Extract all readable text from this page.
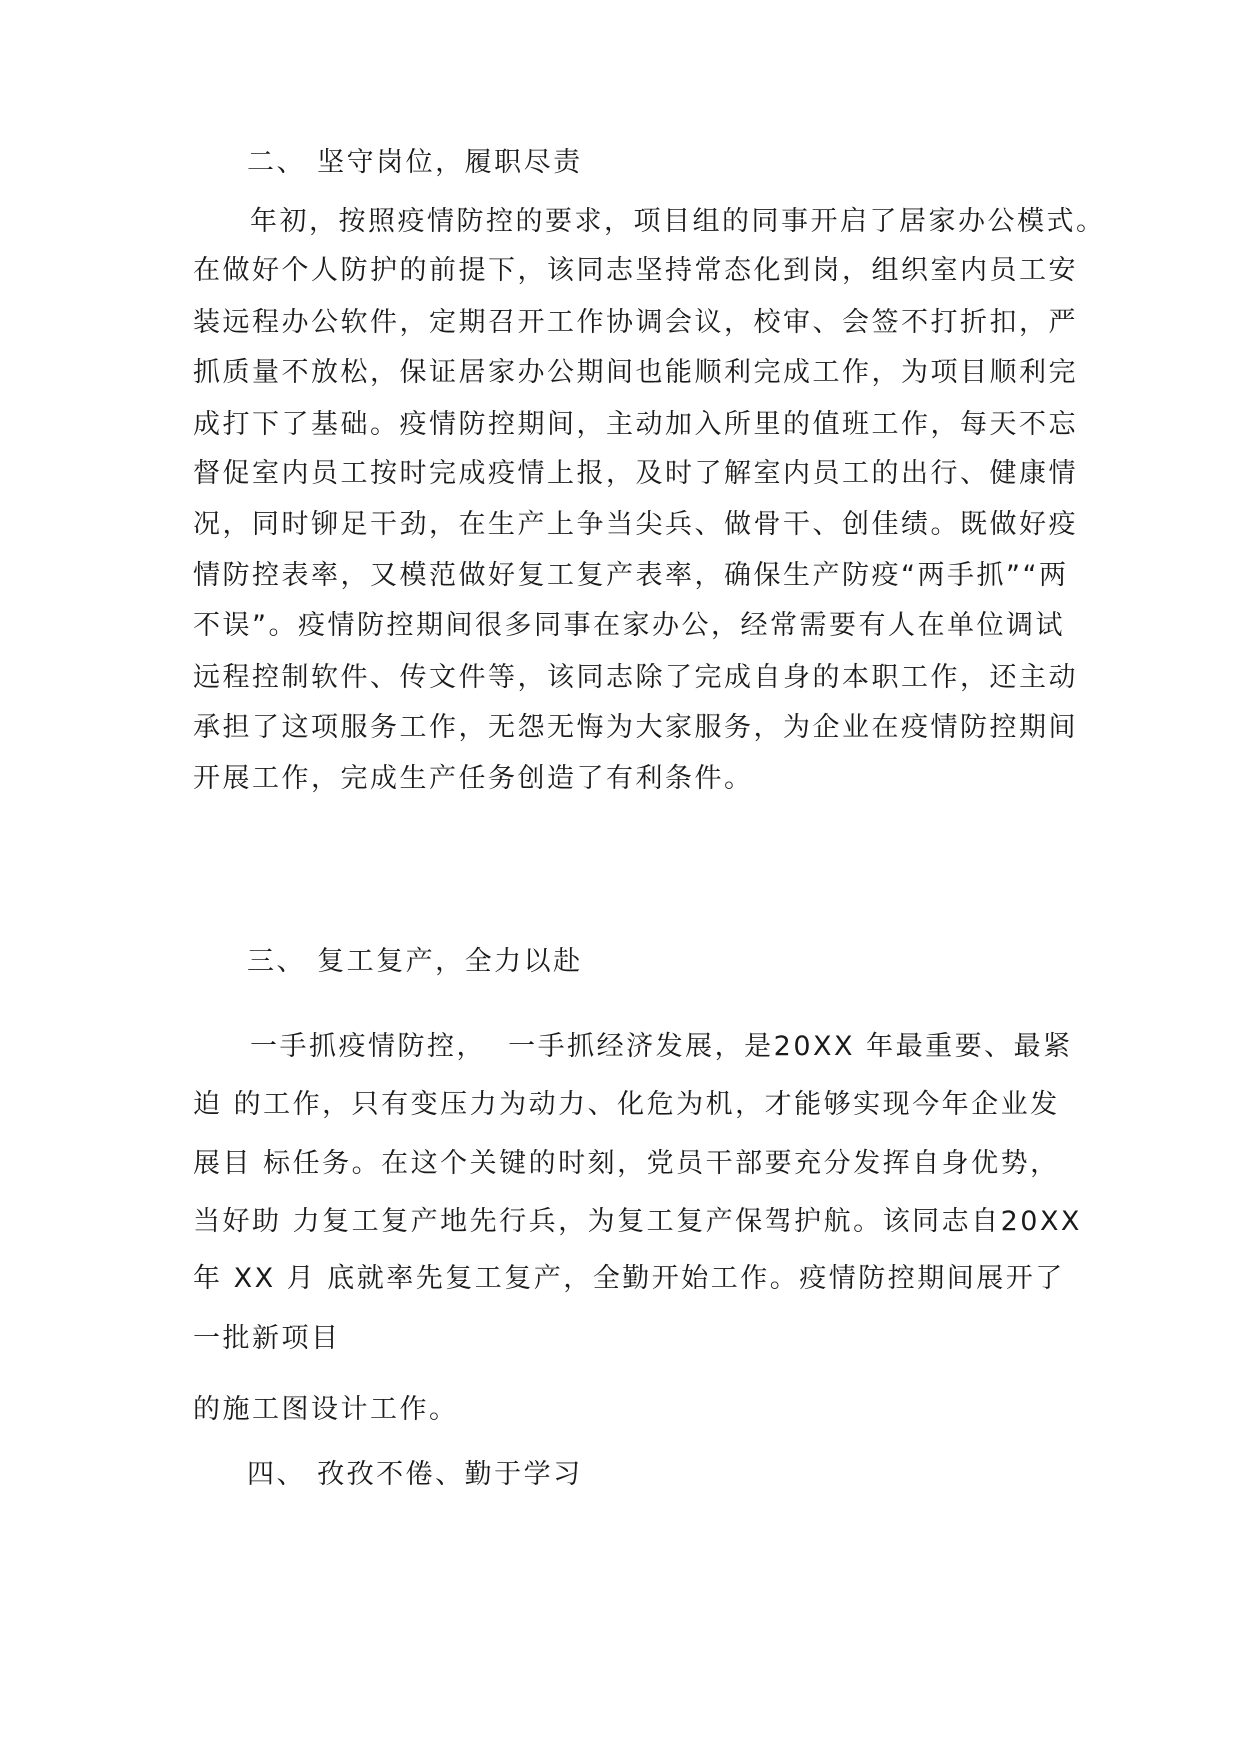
二、 坚守岗位，履职尽责
年初，按照疫情防控的要求，项目组的同事开启了居家办公模式。
在做好个人防护的前提下，该同志坚持常态化到岗，组织室内员工安
装远程办公软件，定期召开工作协调会议，校审、会签不打折扣，严
抓质量不放松，保证居家办公期间也能顺利完成工作，为项目顺利完
成打下了基础。疫情防控期间，主动加入所里的值班工作，每天不忘
督促室内员工按时完成疫情上报，及时了解室内员工的出行、健康情
况，同时铆足干劲，在生产上争当尖兵、做骨干、创佳绩。既做好疫
情防控表率，又模范做好复工复产表率，确保生产防疫“两手抓”“两
不误”。疫情防控期间很多同事在家办公，经常需要有人在单位调试
远程控制软件、传文件等，该同志除了完成自身的本职工作，还主动
承担了这项服务工作，无怨无悔为大家服务，为企业在疫情防控期间
开展工作，完成生产任务创造了有利条件。
三、 复工复产，全力以赴
一手抓疫情防控，  一手抓经济发展，是20XX 年最重要、最紧
迫 的工作，只有变压力为动力、化危为机，才能够实现今年企业发
展目 标任务。在这个关键的时刻，党员干部要充分发挥自身优势，
当好助 力复工复产地先行兵，为复工复产保驾护航。该同志自20XX
年 XX 月 底就率先复工复产，全勤开始工作。疫情防控期间展开了
一批新项目
的施工图设计工作。
四、 孜孜不倦、勤于学习
